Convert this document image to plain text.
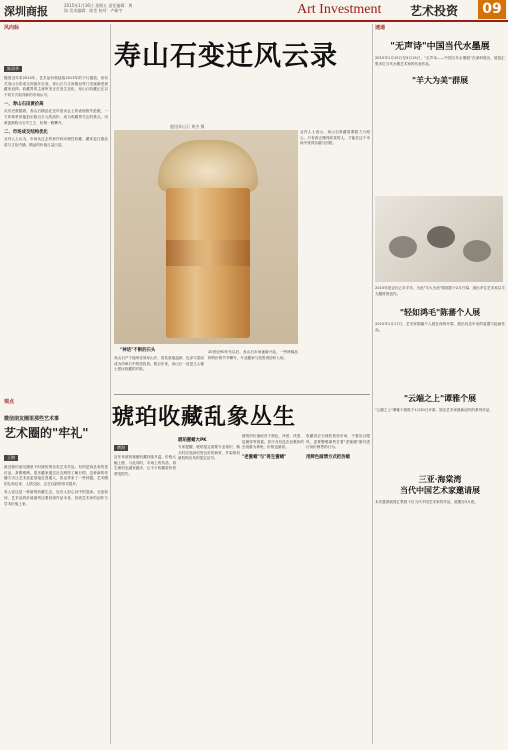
深圳商报	2015年1月16日 星期五 责任编辑：黄海 美术编辑：陈莹 校对：卢新宇	Art Investment 艺术投资	09
风向标
陈清华
随着近年来2014年，艺术品价格延续2013年的下行通道，但有关寿山石的成交却逐年走高，寿山石与文房雅玩等门类逐渐受到藏家追捧。收藏界的主流审美正在发生变化，寿山石收藏正在以不同方式取得新的市场认可。
一、寿山石田黄价高
从历史数据看，寿山石精品在近年拍卖会上的表现格外抢眼，一方印章常常能拍出数百万元的高价，成为收藏界关注的焦点。田黄更被称为石中之王，价格一路攀升。
二、市场成交结构优化
业内人士认为，市场从过去的炒作转向理性收藏，藏家更注重品质与文化内涵，精品的价值日益凸显。
观点
微信朋友圈里那些艺术事
艺术圈的"牢礼"
王锦
最近微信朋友圈里不时流传着各类艺术作品，有的是真品有的是仿品，真假难辨。很多藏家通过社交网络了解行情，这种新的传播方式让艺术品更加接近普通人，但也带来了一些问题。艺术圈的礼尚往来、人情交际，正在以新的形式展开。
有人说这是一种新的收藏生态，也有人担心其中的泡沫。无论如何，艺术品的价值最终还要回到作品本身，回到艺术家的创作与学术价值上来。
寿山石变迁风云录
鹿钮寿山石 黄杰 摄
业内人士表示，寿山石收藏需要眼力与耐心，只有真正懂得欣赏的人，才能在这个市场中获得乐趣与回报。
"神话"不断的石头
寿山石产于福州北郊寿山乡，因其质地温润、色泽丰富而成为印章石中的佼佼者。数百年来，寿山石一直是文人雅士把玩收藏的对象。
20世纪90年代以后，寿山石市场逐渐兴起，一些珍稀品种的价格节节攀升，专业藏家与投资者纷纷入场。
琥珀收藏乱象丛生
黄海
近年来琥珀蜜蜡收藏持续升温，价格大幅上涨，与此同时，市场上的仿品、再生琥珀也越来越多，让不少收藏爱好者蒙受损失。
琥珀蜜蜡大PK
专家提醒，琥珀鉴定需要专业知识，购买时应选择信誉良好的商家，并索取权威机构出具的鉴定证书。
琥珀的价值取决于颜色、净度、块度、包裹体等因素。其中含有昆虫包裹体的虫珀最为珍贵，价格也最高。
"老蜜蜡"与"再生蜜蜡"
收藏者应当理性看待市场，不要盲目跟风，更要警惕那些打着"老蜜蜡"旗号进行高价销售的行为。
用鲜色画情方式把仿蜡
速递
"无声诗"中国当代水墨展
2015年1月15日至3月15日，"无声诗——中国当代水墨展"在深圳展出，展览汇集多位当代水墨艺术家的代表作品。
"羊大为美"群展
2015年是农历乙未羊年，为此"羊大为美"群展将于2月开幕，展出多位艺术家以羊为题材的创作。
"轻如鸿毛"陈蕃个人展
2015年1月17日，艺术家陈蕃个人展在深圳开幕，展出其近年来的装置与绘画作品。
"云端之上"谭雅个展
"云端之上"谭雅个展将于1月20日开幕，展出艺术家最新创作的系列作品。
三亚·海棠湾
当代中国艺术家邀请展
本次邀请展将汇集数十位当代中国艺术家的作品，展期至3月底。
